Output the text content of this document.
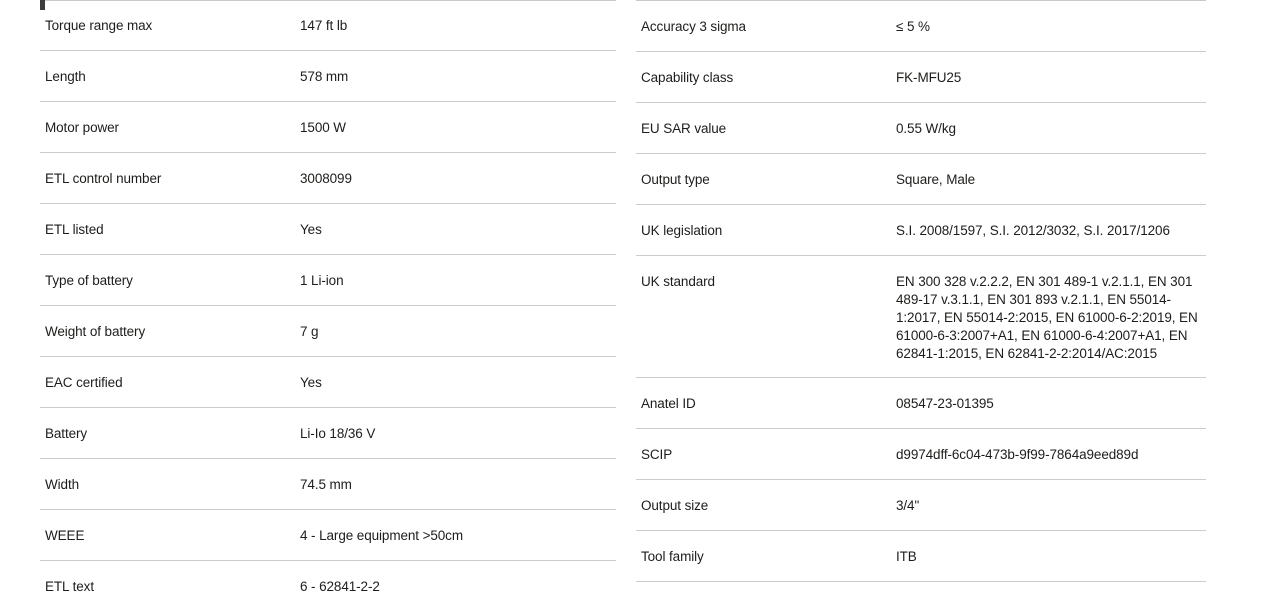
Torque range max	147 ft lb
Length	578 mm
Motor power	1500 W
ETL control number	3008099
ETL listed	Yes
Type of battery	1 Li-ion
Weight of battery	7 g
EAC certified	Yes
Battery	Li-Io 18/36 V
Width	74.5 mm
WEEE	4 - Large equipment >50cm
ETL text	6 - 62841-2-2
Accuracy 3 sigma	≤ 5 %
Capability class	FK-MFU25
EU SAR value	0.55 W/kg
Output type	Square, Male
UK legislation	S.I. 2008/1597, S.I. 2012/3032, S.I. 2017/1206
UK standard	EN 300 328 v.2.2.2, EN 301 489-1 v.2.1.1, EN 301 489-17 v.3.1.1, EN 301 893 v.2.1.1, EN 55014-1:2017, EN 55014-2:2015, EN 61000-6-2:2019, EN 61000-6-3:2007+A1, EN 61000-6-4:2007+A1, EN 62841-1:2015, EN 62841-2-2:2014/AC:2015
Anatel ID	08547-23-01395
SCIP	d9974dff-6c04-473b-9f99-7864a9eed89d
Output size	3/4"
Tool family	ITB
